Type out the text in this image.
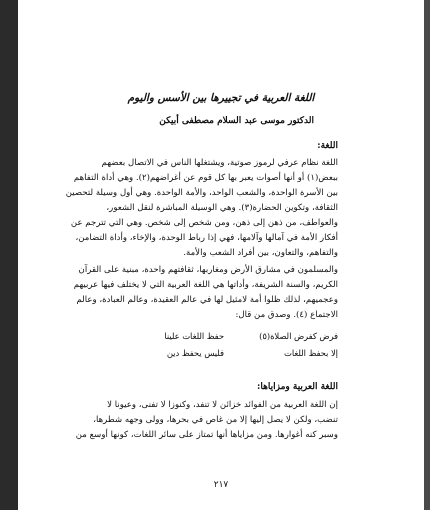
اللغة العربية في تجييرها بين الأسس واليوم
الدكتور موسى عبد السلام مصطفى أبيكن
اللغة:
اللغة نظام عرفي لرموز صوتية، ويشتغلها الناس في الاتصال بعضهم
ببعض(١) أو أنها أصوات يعبر بها كل قوم عن أغراضهم(٢). وهي أداة التفاهم
بين الأسرة الواحدة، والشعب الواحد، والأمة الواحدة. وهي أول وسيلة لتحصين
الثقافة، وتكوين الحضارة(٣). وهي الوسيلة المباشرة لنقل الشعور،
والعواطف، من ذهن إلى ذهن، ومن شخص إلى شخص. وهي التي تترجم عن
أفكار الأمة في آمالها وآلامها، فهي إذا رباط الوحدة، والإخاء، وأداة التضامن،
والتفاهم، والتعاون، بين أفراد الشعب والأمة.
والمسلمون في مشارق الأرض ومغاربها، ثقافتهم واحدة، مبنية على القرآن
الكريم، والسنة الشريفة، وأداتها هي اللغة العربية التي لا يختلف فيها عربيهم
وعجميهم، لذلك ظلوا أمة لامثيل لها في عالم العقيدة، وعالم العبادة، وعالم
الاجتماع (٤). وصدق من قال:
حفظ اللغات علينا	فرض كفرض الصلاة(٥)
فليس يحفظ دين	إلا بحفظ اللغات
اللغة العربية ومزاياها:
إن اللغة العربية من الفوائد خزائن لا تنفد، وكنوزا لا تفنى، وعيونا لا
تنضب، ولكن لا يصل إليها إلا من غاص في بحرها، وولى وجهه شطرها،
وسبر كنه أغوارها. ومن مزاياها أنها تمتاز على سائر اللغات، كونها أوسع من
٢١٧
